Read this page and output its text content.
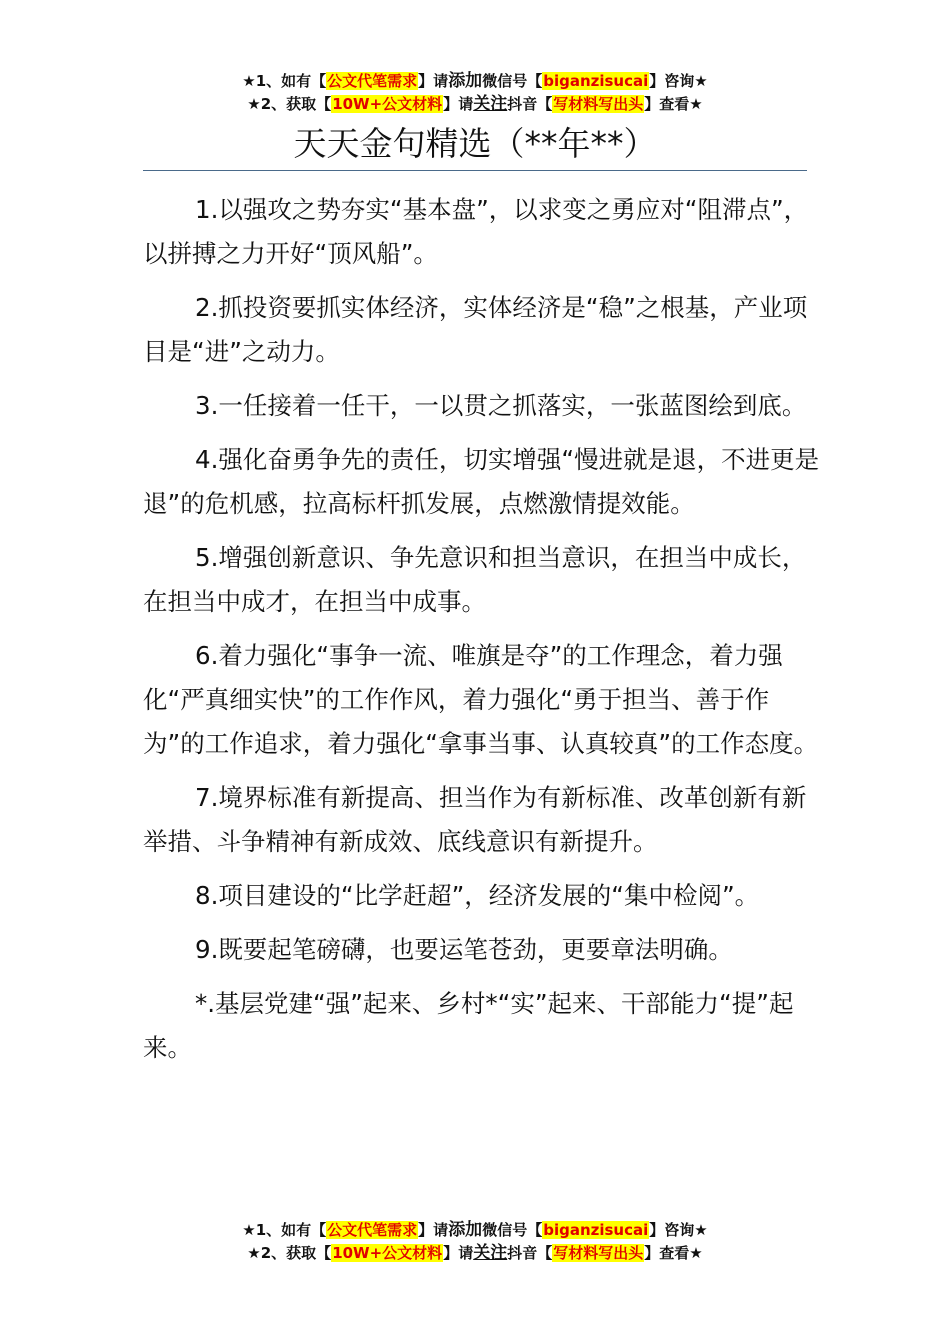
★1、如有【公文代笔需求】请添加微信号【biganzisucai】咨询★
★2、获取【10W+公文材料】请关注抖音【写材料写出头】查看★
天天金句精选（**年**）

1.以强攻之势夯实“基本盘”，以求变之勇应对“阻滞点”，以拼搏之力开好“顶风船”。

2.抓投资要抓实体经济，实体经济是“稳”之根基，产业项目是“进”之动力。

3.一任接着一任干，一以贯之抓落实，一张蓝图绘到底。

4.强化奋勇争先的责任，切实增强“慢进就是退，不进更是退”的危机感，拉高标杆抓发展，点燃激情提效能。

5.增强创新意识、争先意识和担当意识，在担当中成长，在担当中成才，在担当中成事。

6.着力强化“事争一流、唯旗是夺”的工作理念，着力强化“严真细实快”的工作作风，着力强化“勇于担当、善于作为”的工作追求，着力强化“拿事当事、认真较真”的工作态度。

7.境界标准有新提高、担当作为有新标准、改革创新有新举措、斗争精神有新成效、底线意识有新提升。

8.项目建设的“比学赶超”，经济发展的“集中检阅”。

9.既要起笔磅礴，也要运笔苍劲，更要章法明确。

*.基层党建“强”起来、乡村*“实”起来、干部能力“提”起来。

★1、如有【公文代笔需求】请添加微信号【biganzisucai】咨询★
★2、获取【10W+公文材料】请关注抖音【写材料写出头】查看★
